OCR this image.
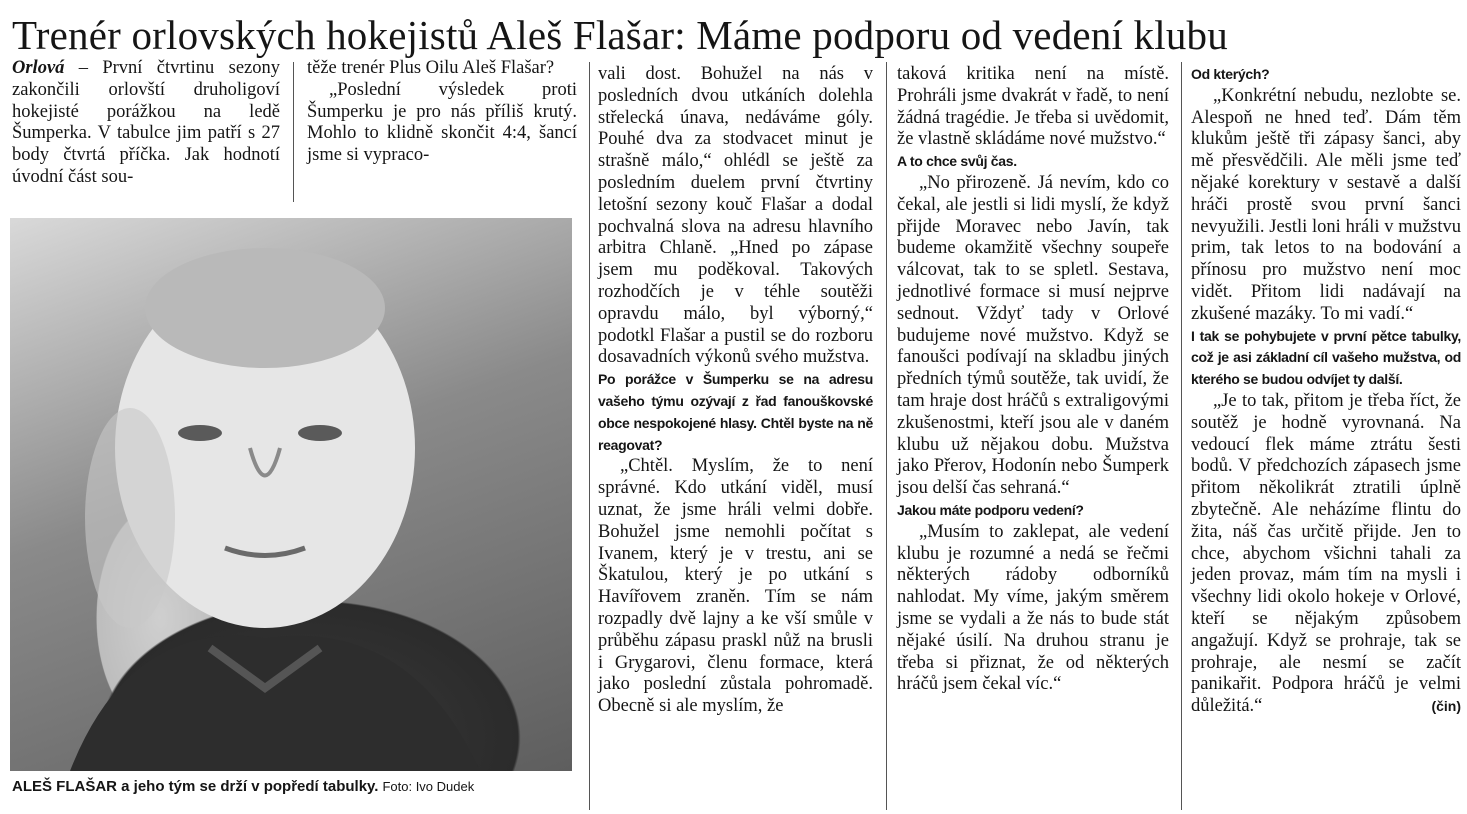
Trenér orlovských hokejistů Aleš Flašar: Máme podporu od vedení klubu

Orlová – První čtvrtinu sezony zakončili orlovští druholigoví hokejisté porážkou na ledě Šumperka. V tabulce jim patří s 27 body čtvrtá příčka. Jak hodnotí úvodní část sou-

těže trenér Plus Oilu Aleš Flašar?

„Poslední výsledek proti Šumperku je pro nás příliš krutý. Mohlo to klidně skončit 4:4, šancí jsme si vypraco-

ALEŠ FLAŠAR a jeho tým se drží v popředí tabulky. Foto: Ivo Dudek

vali dost. Bohužel na nás v posledních dvou utkáních dolehla střelecká únava, nedáváme góly. Pouhé dva za stodvacet minut je strašně málo,“ ohlédl se ještě za posledním duelem první čtvrtiny letošní sezony kouč Flašar a dodal pochvalná slova na adresu hlavního arbitra Chlaně. „Hned po zápase jsem mu poděkoval. Takových rozhodčích je v téhle soutěži opravdu málo, byl výborný,“ podotkl Flašar a pustil se do rozboru dosavadních výkonů svého mužstva.

Po porážce v Šumperku se na adresu vašeho týmu ozývají z řad fanouškovské obce nespokojené hlasy. Chtěl byste na ně reagovat?

„Chtěl. Myslím, že to není správné. Kdo utkání viděl, musí uznat, že jsme hráli velmi dobře. Bohužel jsme nemohli počítat s Ivanem, který je v trestu, ani se Škatulou, který je po utkání s Havířovem zraněn. Tím se nám rozpadly dvě lajny a ke vší smůle v průběhu zápasu praskl nůž na brusli i Grygarovi, členu formace, která jako poslední zůstala pohromadě. Obecně si ale myslím, že

taková kritika není na místě. Prohráli jsme dvakrát v řadě, to není žádná tragédie. Je třeba si uvědomit, že vlastně skládáme nové mužstvo.“

A to chce svůj čas.

„No přirozeně. Já nevím, kdo co čekal, ale jestli si lidi myslí, že když přijde Moravec nebo Javín, tak budeme okamžitě všechny soupeře válcovat, tak to se spletl. Sestava, jednotlivé formace si musí nejprve sednout. Vždyť tady v Orlové budujeme nové mužstvo. Když se fanoušci podívají na skladbu jiných předních týmů soutěže, tak uvidí, že tam hraje dost hráčů s extraligovými zkušenostmi, kteří jsou ale v daném klubu už nějakou dobu. Mužstva jako Přerov, Hodonín nebo Šumperk jsou delší čas sehraná.“

Jakou máte podporu vedení?

„Musím to zaklepat, ale vedení klubu je rozumné a nedá se řečmi některých rádoby odborníků nahlodat. My víme, jakým směrem jsme se vydali a že nás to bude stát nějaké úsilí. Na druhou stranu je třeba si přiznat, že od některých hráčů jsem čekal víc.“

Od kterých?

„Konkrétní nebudu, nezlobte se. Alespoň ne hned teď. Dám těm klukům ještě tři zápasy šanci, aby mě přesvědčili. Ale měli jsme teď nějaké korektury v sestavě a další hráči prostě svou první šanci nevyužili. Jestli loni hráli v mužstvu prim, tak letos to na bodování a přínosu pro mužstvo není moc vidět. Přitom lidi nadávají na zkušené mazáky. To mi vadí.“

I tak se pohybujete v první pětce tabulky, což je asi základní cíl vašeho mužstva, od kterého se budou odvíjet ty další.

„Je to tak, přitom je třeba říct, že soutěž je hodně vyrovnaná. Na vedoucí flek máme ztrátu šesti bodů. V předchozích zápasech jsme přitom několikrát ztratili úplně zbytečně. Ale neházíme flintu do žita, náš čas určitě přijde. Jen to chce, abychom všichni tahali za jeden provaz, mám tím na mysli i všechny lidi okolo hokeje v Orlové, kteří se nějakým způsobem angažují. Když se prohraje, tak se prohraje, ale nesmí se začít panikařit. Podpora hráčů je velmi důležitá.“	(čin)
